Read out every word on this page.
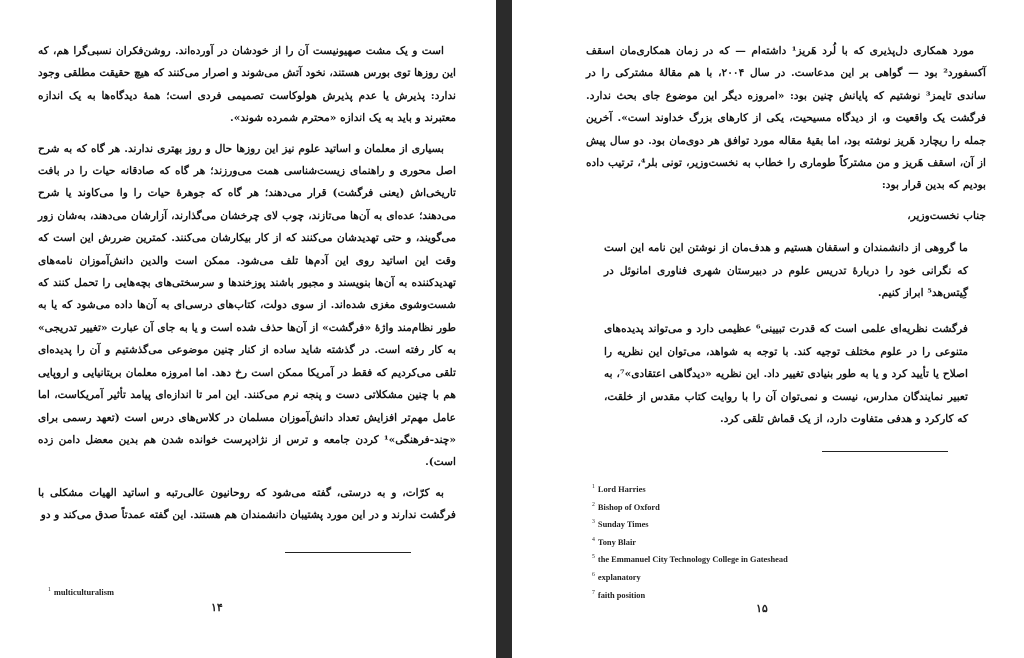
است و یک مشت صهیونیست آن را از خودشان در آورده‌اند. روشن‌فکران نسبی‌گرا هم، که این روزها توی بورس هستند، نخود آتش می‌شوند و اصرار می‌کنند که هیچ حقیقت مطلقی وجود ندارد: پذیرش یا عدم پذیرش هولوکاست تصمیمی فردی است؛ همهٔ دیدگاه‌ها به یک اندازه معتبرند و باید به یک اندازه «محترم شمرده شوند».

بسیاری از معلمان و اساتید علوم نیز این روزها حال و روز بهتری ندارند. هر گاه که به شرح اصل محوری و راهنمای زیست‌شناسی همت می‌ورزند؛ هر گاه که صادقانه حیات را در بافت تاریخی‌اش (یعنی فرگشت) قرار می‌دهند؛ هر گاه که جوهرهٔ حیات را وا می‌کاوند یا شرح می‌دهند؛ عده‌ای به آن‌ها می‌تازند، چوب لای چرخشان می‌گذارند، آزارشان می‌دهند، به‌شان زور می‌گویند، و حتی تهدیدشان می‌کنند که از کار بیکارشان می‌کنند. کمترین ضررش این است که وقت این اساتید روی این آدم‌ها تلف می‌شود. ممکن است والدین دانش‌آموزان نامه‌های تهدیدکننده به آن‌ها بنویسند و مجبور باشند پوزخندها و سرسختی‌های بچه‌هایی را تحمل کنند که شست‌وشوی مغزی شده‌اند. از سوی دولت، کتاب‌های درسی‌ای به آن‌ها داده می‌شود که یا به طور نظام‌مند واژهٔ «فرگشت» از آن‌ها حذف شده است و یا به جای آن عبارت «تغییر تدریجی» به کار رفته است. در گذشته شاید ساده از کنار چنین موضوعی می‌گذشتیم و آن را پدیده‌ای تلقی می‌کردیم که فقط در آمریکا ممکن است رخ دهد. اما امروزه معلمان بریتانیایی و اروپایی هم با چنین مشکلاتی دست و پنجه نرم می‌کنند. این امر تا اندازه‌ای پیامد تأثیر آمریکاست، اما عامل مهم‌تر افزایش تعداد دانش‌آموزان مسلمان در کلاس‌های درس است (تعهد رسمی برای «چند-فرهنگی»¹ کردن جامعه و ترس از نژادپرست خوانده شدن هم بدین معضل دامن زده است).

به کرّات، و به درستی، گفته می‌شود که روحانیون عالی‌رتبه و اساتید الهیات مشکلی با فرگشت ندارند و در این مورد پشتیبان دانشمندان هم هستند. این گفته عمدتاً صدق می‌کند و دو

$^1$ multiculturalism
۱۴

مورد همکاری دل‌پذیری که با لُرد هَریز¹ داشته‌ام — که در زمان همکاری‌مان اسقف آکسفورد² بود — گواهی بر این مدعاست. در سال ۲۰۰۴، با هم مقالهٔ مشترکی را در ساندی تایمز³ نوشتیم که پایانش چنین بود: «امروزه دیگر این موضوع جای بحث ندارد. فرگشت یک واقعیت و، از دیدگاه مسیحیت، یکی از کارهای بزرگ خداوند است». آخرین جمله را ریچارد هَریز نوشته بود، اما بقیهٔ مقاله مورد توافق هر دوی‌مان بود. دو سال پیش از آن، اسقف هَریز و من مشترکاً طوماری را خطاب به نخست‌وزیر، تونی بلر⁴، ترتیب داده بودیم که بدین قرار بود:

جناب نخست‌وزیر،

ما گروهی از دانشمندان و اسقفان هستیم و هدف‌مان از نوشتن این نامه این است که نگرانی خود را دربارهٔ تدریس علوم در دبیرستان شهری فناوری امانوئل در گِیتس‌هد⁵ ابراز کنیم.

فرگشت نظریه‌ای علمی است که قدرت تبیینی⁶ عظیمی دارد و می‌تواند پدیده‌های متنوعی را در علوم مختلف توجیه کند. با توجه به شواهد، می‌توان این نظریه را اصلاح یا تأیید کرد و یا به طور بنیادی تغییر داد. این نظریه «دیدگاهی اعتقادی»⁷، به تعبیر نمایندگان مدارس، نیست و نمی‌توان آن را با روایت کتاب مقدس از خلقت، که کارکرد و هدفی متفاوت دارد، از یک قماش تلقی کرد.

$^1$ Lord Harries
$^2$ Bishop of Oxford
$^3$ Sunday Times
$^4$ Tony Blair
$^5$ the Emmanuel City Technology College in Gateshead
$^6$ explanatory
$^7$ faith position
۱۵
